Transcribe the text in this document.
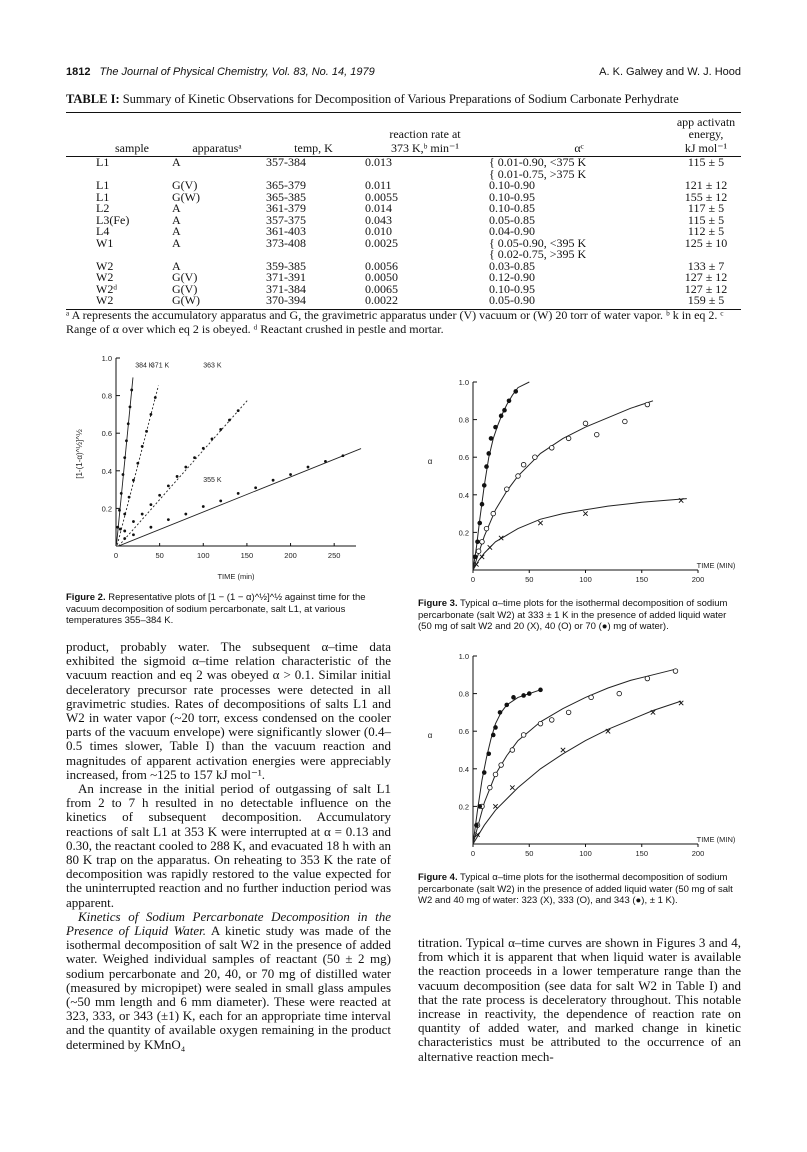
1812 The Journal of Physical Chemistry, Vol. 83, No. 14, 1979	A. K. Galwey and W. J. Hood
TABLE I: Summary of Kinetic Observations for Decomposition of Various Preparations of Sodium Carbonate Perhydrate
			reaction rate at		app activatn energy,
sample	apparatusᵃ	temp, K	373 K,ᵇ min⁻¹	αᶜ	kJ mol⁻¹
L1	A	357-384	0.013	{ 0.01-0.90, <375 K
{ 0.01-0.75, >375 K	115 ± 5
L1	G(V)	365-379	0.011	0.10-0.90	121 ± 12
L1	G(W)	365-385	0.0055	0.10-0.95	155 ± 12
L2	A	361-379	0.014	0.10-0.85	117 ± 5
L3(Fe)	A	357-375	0.043	0.05-0.85	115 ± 5
L4	A	361-403	0.010	0.04-0.90	112 ± 5
W1	A	373-408	0.0025	{ 0.05-0.90, <395 K
{ 0.02-0.75, >395 K	125 ± 10
W2	A	359-385	0.0056	0.03-0.85	133 ± 7
W2	G(V)	371-391	0.0050	0.12-0.90	127 ± 12
W2ᵈ	G(V)	371-384	0.0065	0.10-0.95	127 ± 12
W2	G(W)	370-394	0.0022	0.05-0.90	159 ± 5
ᵃ A represents the accumulatory apparatus and G, the gravimetric apparatus under (V) vacuum or (W) 20 torr of water vapor. ᵇ k in eq 2. ᶜ Range of α over which eq 2 is obeyed. ᵈ Reactant crushed in pestle and mortar.
0	50	100	150	200	250
0.2
0.4
0.6
0.8
1.0
TIME (min)
[1-(1-α)^½]^½
384 K
371 K	363 K
355 K
Figure 2. Representative plots of [1 − (1 − α)^½]^½ against time for the vacuum decomposition of sodium percarbonate, salt L1, at various temperatures 355–384 K.
0	50	100	150	200
0.2
0.4
0.6
0.8
1.0
TIME (MIN)
α
Figure 3. Typical α–time plots for the isothermal decomposition of sodium percarbonate (salt W2) at 333 ± 1 K in the presence of added liquid water (50 mg of salt W2 and 20 (X), 40 (O) or 70 (●) mg of water).
0	50	100	150	200
0.2
0.4
0.6
0.8
1.0
TIME (MIN)
α
Figure 4. Typical α–time plots for the isothermal decomposition of sodium percarbonate (salt W2) in the presence of added liquid water (50 mg of salt W2 and 40 mg of water: 323 (X), 333 (O), and 343 (●), ± 1 K).

product, probably water. The subsequent α–time data exhibited the sigmoid α–time relation characteristic of the vacuum reaction and eq 2 was obeyed α > 0.1. Similar initial deceleratory precursor rate processes were detected in all gravimetric studies. Rates of decompositions of salts L1 and W2 in water vapor (~20 torr, excess condensed on the cooler parts of the vacuum envelope) were significantly slower (0.4–0.5 times slower, Table I) than the vacuum reaction and magnitudes of apparent activation energies were appreciably increased, from ~125 to 157 kJ mol⁻¹.

An increase in the initial period of outgassing of salt L1 from 2 to 7 h resulted in no detectable influence on the kinetics of subsequent decomposition. Accumulatory reactions of salt L1 at 353 K were interrupted at α = 0.13 and 0.30, the reactant cooled to 288 K, and evacuated 18 h with an 80 K trap on the apparatus. On reheating to 353 K the rate of decomposition was rapidly restored to the value expected for the uninterrupted reaction and no further induction period was apparent.

Kinetics of Sodium Percarbonate Decomposition in the Presence of Liquid Water. A kinetic study was made of the isothermal decomposition of salt W2 in the presence of added water. Weighed individual samples of reactant (50 ± 2 mg) sodium percarbonate and 20, 40, or 70 mg of distilled water (measured by micropipet) were sealed in small glass ampules (~50 mm length and 6 mm diameter). These were reacted at 323, 333, or 343 (±1) K, each for an appropriate time interval and the quantity of available oxygen remaining in the product determined by KMnO₄

titration. Typical α–time curves are shown in Figures 3 and 4, from which it is apparent that when liquid water is available the reaction proceeds in a lower temperature range than the vacuum decomposition (see data for salt W2 in Table I) and that the rate process is deceleratory throughout. This notable increase in reactivity, the dependence of reaction rate on quantity of added water, and marked change in kinetic characteristics must be attributed to the occurrence of an alternative reaction mech-
